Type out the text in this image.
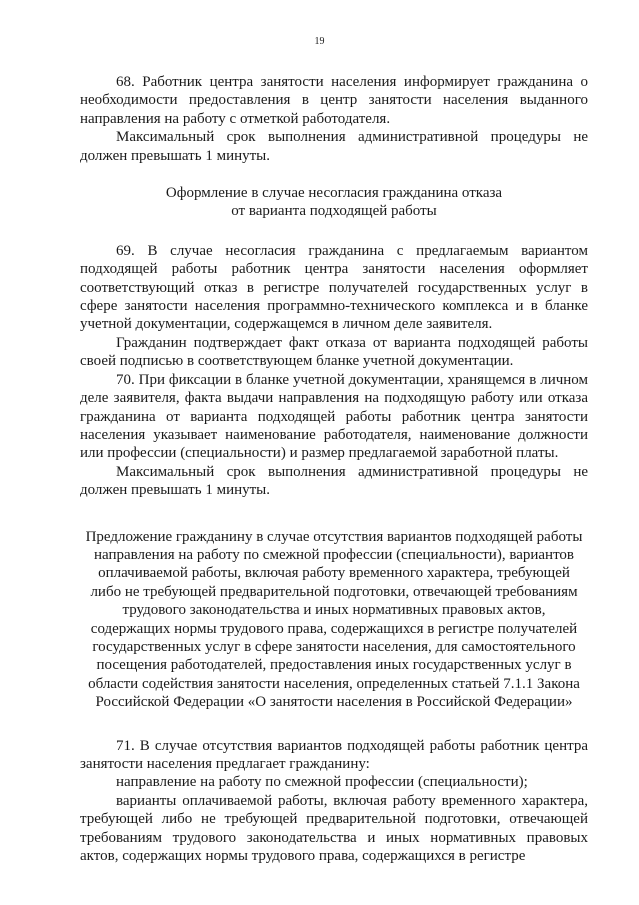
19

68. Работник центра занятости населения информирует гражданина о необходимости предоставления в центр занятости населения выданного направления на работу с отметкой работодателя.

Максимальный срок выполнения административной процедуры не должен превышать 1 минуты.

Оформление в случае несогласия гражданина отказа
от варианта подходящей работы

69. В случае несогласия гражданина с предлагаемым вариантом подходящей работы работник центра занятости населения оформляет соответствующий отказ в регистре получателей государственных услуг в сфере занятости населения программно-технического комплекса и в бланке учетной документации, содержащемся в личном деле заявителя.

Гражданин подтверждает факт отказа от варианта подходящей работы своей подписью в соответствующем бланке учетной документации.

70. При фиксации в бланке учетной документации, хранящемся в личном деле заявителя, факта выдачи направления на подходящую работу или отказа гражданина от варианта подходящей работы работник центра занятости населения указывает наименование работодателя, наименование должности или профессии (специальности) и размер предлагаемой заработной платы.

Максимальный срок выполнения административной процедуры не должен превышать 1 минуты.

Предложение гражданину в случае отсутствия вариантов подходящей работы
направления на работу по смежной профессии (специальности), вариантов
оплачиваемой работы, включая работу временного характера, требующей
либо не требующей предварительной подготовки, отвечающей требованиям
трудового законодательства и иных нормативных правовых актов,
содержащих нормы трудового права, содержащихся в регистре получателей
государственных услуг в сфере занятости населения, для самостоятельного
посещения работодателей, предоставления иных государственных услуг в
области содействия занятости населения, определенных статьей 7.1.1 Закона
Российской Федерации «О занятости населения в Российской Федерации»

71. В случае отсутствия вариантов подходящей работы работник центра занятости населения предлагает гражданину:

направление на работу по смежной профессии (специальности);

варианты оплачиваемой работы, включая работу временного характера, требующей либо не требующей предварительной подготовки, отвечающей требованиям трудового законодательства и иных нормативных правовых актов, содержащих нормы трудового права, содержащихся в регистре
